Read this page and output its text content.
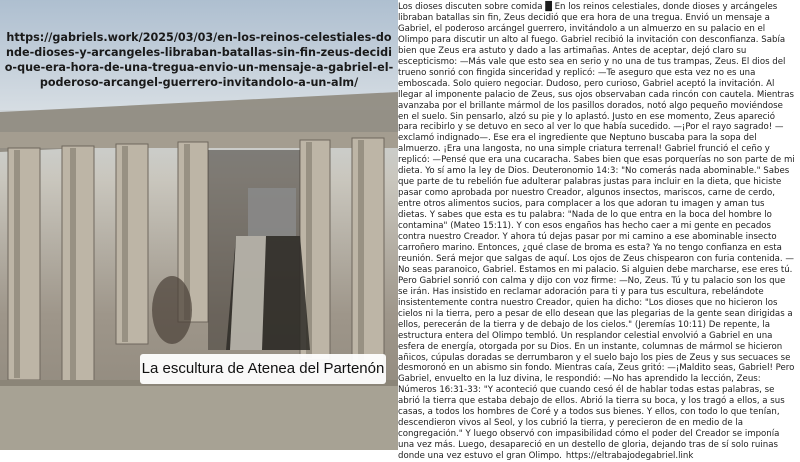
https://gabriels.work/2025/03/03/en-los-reinos-celestiales-donde-dioses-y-arcangeles-libraban-batallas-sin-fin-zeus-decidio-que-era-hora-de-una-tregua-envio-un-mensaje-a-gabriel-el-poderoso-arcangel-guerrero-invitandolo-a-un-alm/
La escultura de Atenea del Partenón
Los dioses discuten sobre comida █ En los reinos celestiales, donde dioses y arcángeles libraban batallas sin fin, Zeus decidió que era hora de una tregua. Envió un mensaje a Gabriel, el poderoso arcángel guerrero, invitándolo a un almuerzo en su palacio en el Olimpo para discutir un alto al fuego. Gabriel recibió la invitación con desconfianza. Sabía bien que Zeus era astuto y dado a las artimañas. Antes de aceptar, dejó claro su escepticismo: —Más vale que esto sea en serio y no una de tus trampas, Zeus. El dios del trueno sonrió con fingida sinceridad y replicó: —Te aseguro que esta vez no es una emboscada. Solo quiero negociar. Dudoso, pero curioso, Gabriel aceptó la invitación. Al llegar al imponente palacio de Zeus, sus ojos observaban cada rincón con cautela. Mientras avanzaba por el brillante mármol de los pasillos dorados, notó algo pequeño moviéndose en el suelo. Sin pensarlo, alzó su pie y lo aplastó. Justo en ese momento, Zeus apareció para recibirlo y se detuvo en seco al ver lo que había sucedido. —¡Por el rayo sagrado! —exclamó indignado—. Ese era el ingrediente que Neptuno buscaba para la sopa del almuerzo. ¡Era una langosta, no una simple criatura terrenal! Gabriel frunció el ceño y replicó: —Pensé que era una cucaracha. Sabes bien que esas porquerías no son parte de mi dieta. Yo sí amo la ley de Dios. Deuteronomio 14:3: "No comerás nada abominable." Sabes que parte de tu rebelión fue adulterar palabras justas para incluir en la dieta, que hiciste pasar como aprobada por nuestro Creador, algunos insectos, mariscos, carne de cerdo, entre otros alimentos sucios, para complacer a los que adoran tu imagen y aman tus dietas. Y sabes que esta es tu palabra: "Nada de lo que entra en la boca del hombre lo contamina" (Mateo 15:11). Y con esos engaños has hecho caer a mi gente en pecados contra nuestro Creador. Y ahora tú dejas pasar por mi camino a ese abominable insecto carroñero marino. Entonces, ¿qué clase de broma es esta? Ya no tengo confianza en esta reunión. Será mejor que salgas de aquí. Los ojos de Zeus chispearon con furia contenida. —No seas paranoico, Gabriel. Estamos en mi palacio. Si alguien debe marcharse, ese eres tú. Pero Gabriel sonrió con calma y dijo con voz firme: —No, Zeus. Tú y tu palacio son los que se irán. Has insistido en reclamar adoración para ti y para tus escultura, rebelándote insistentemente contra nuestro Creador, quien ha dicho: "Los dioses que no hicieron los cielos ni la tierra, pero a pesar de ello desean que las plegarias de la gente sean dirigidas a ellos, perecerán de la tierra y de debajo de los cielos." (Jeremías 10:11) De repente, la estructura entera del Olimpo tembló. Un resplandor celestial envolvió a Gabriel en una esfera de energía, otorgada por su Dios. En un instante, columnas de mármol se hicieron añicos, cúpulas doradas se derrumbaron y el suelo bajo los pies de Zeus y sus secuaces se desmoronó en un abismo sin fondo. Mientras caía, Zeus gritó: —¡Maldito seas, Gabriel! Pero Gabriel, envuelto en la luz divina, le respondió: —No has aprendido la lección, Zeus: Números 16:31-33: "Y aconteció que cuando cesó él de hablar todas estas palabras, se abrió la tierra que estaba debajo de ellos. Abrió la tierra su boca, y los tragó a ellos, a sus casas, a todos los hombres de Coré y a todos sus bienes. Y ellos, con todo lo que tenían, descendieron vivos al Seol, y los cubrió la tierra, y perecieron de en medio de la congregación." Y luego observó con impasibilidad cómo el poder del Creador se imponía una vez más. Luego, desapareció en un destello de gloria, dejando tras de sí solo ruinas donde una vez estuvo el gran Olimpo. https://eltrabajodegabriel.link
